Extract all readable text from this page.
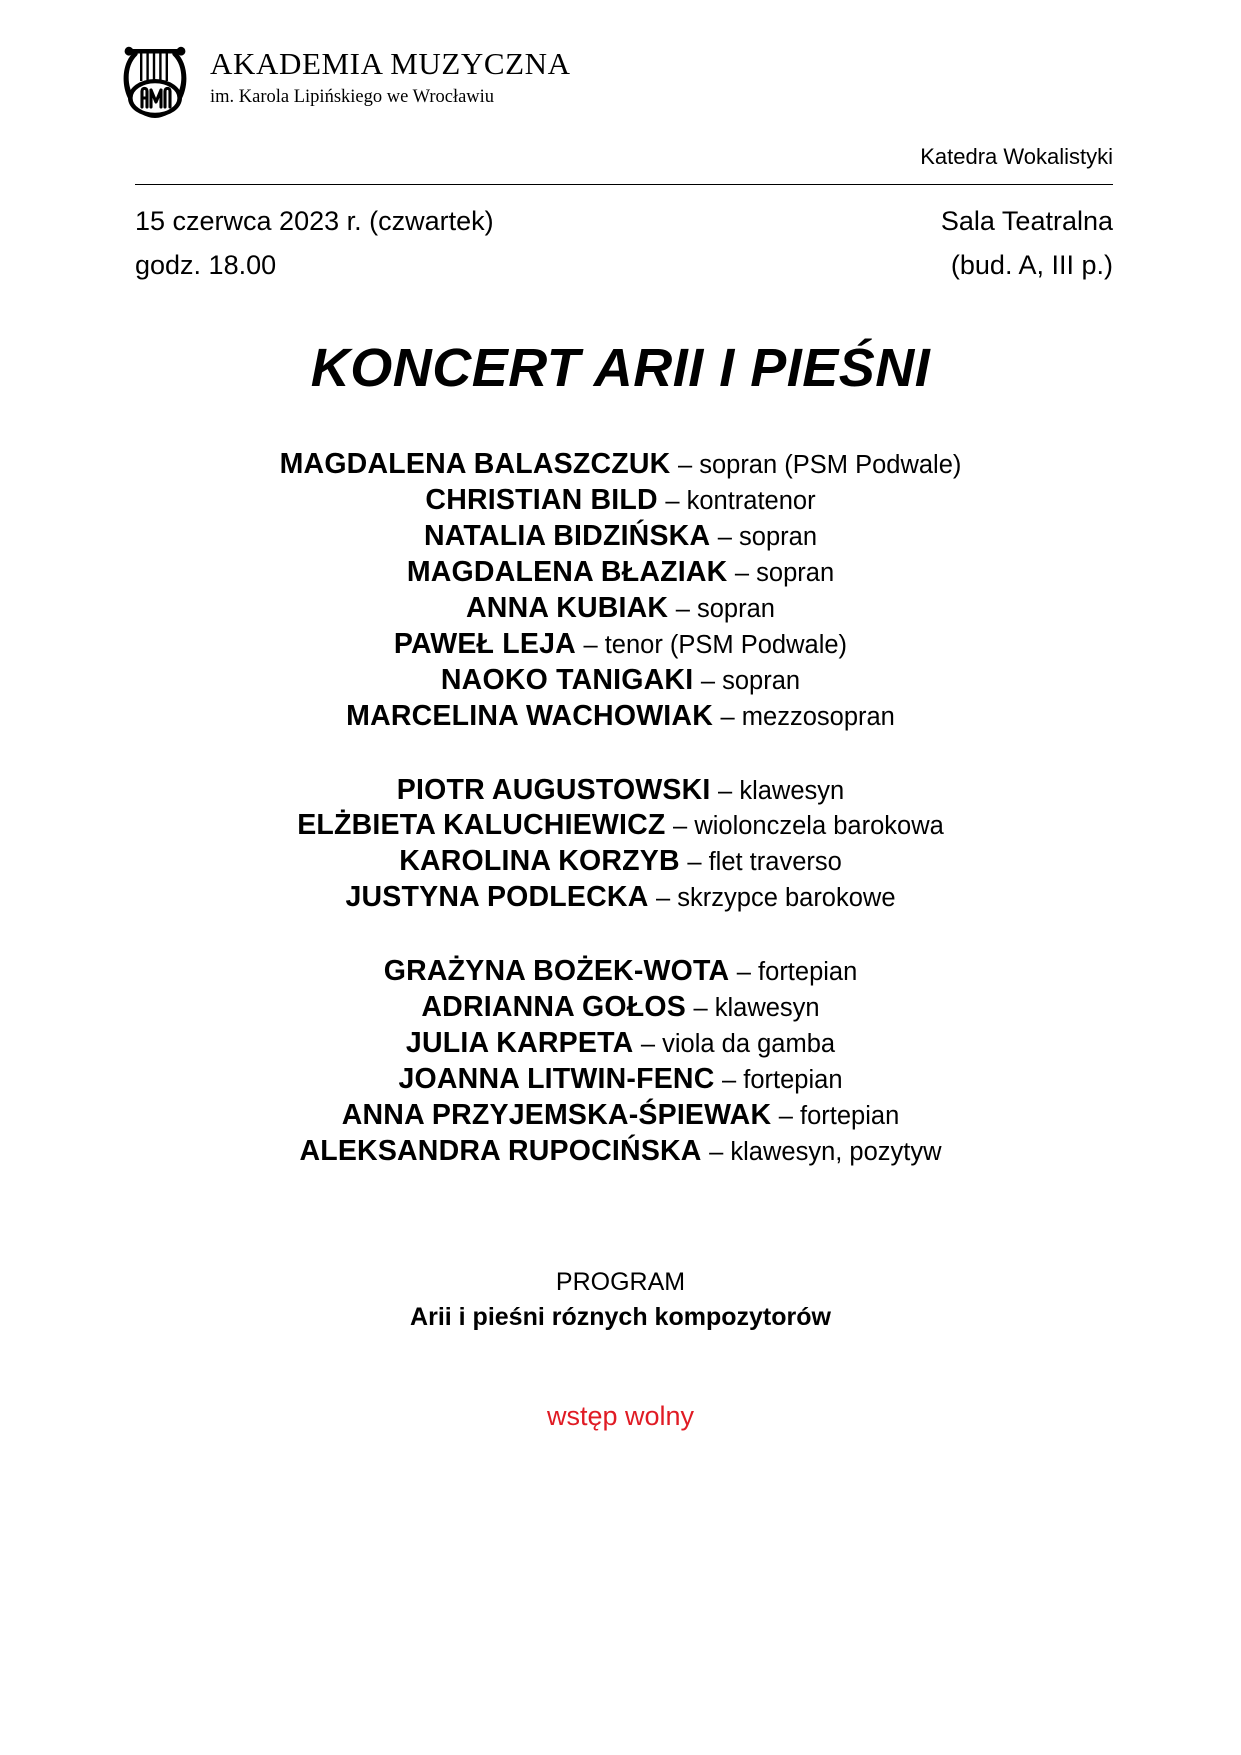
AKADEMIA MUZYCZNA
im. Karola Lipińskiego we Wrocławiu
Katedra Wokalistyki
15 czerwca 2023 r. (czwartek)	Sala Teatralna
godz. 18.00	(bud. A, III p.)
KONCERT ARII I PIEŚNI
MAGDALENA BALASZCZUK – sopran (PSM Podwale)
CHRISTIAN BILD – kontratenor
NATALIA BIDZIŃSKA – sopran
MAGDALENA BŁAZIAK – sopran
ANNA KUBIAK – sopran
PAWEŁ LEJA – tenor (PSM Podwale)
NAOKO TANIGAKI – sopran
MARCELINA WACHOWIAK – mezzosopran
PIOTR AUGUSTOWSKI – klawesyn
ELŻBIETA KALUCHIEWICZ – wiolonczela barokowa
KAROLINA KORZYB – flet traverso
JUSTYNA PODLECKA – skrzypce barokowe
GRAŻYNA BOŻEK-WOTA – fortepian
ADRIANNA GOŁOS – klawesyn
JULIA KARPETA – viola da gamba
JOANNA LITWIN-FENC – fortepian
ANNA PRZYJEMSKA-ŚPIEWAK – fortepian
ALEKSANDRA RUPOCIŃSKA – klawesyn, pozytyw
PROGRAM
Arii i pieśni róznych kompozytorów
wstęp wolny
